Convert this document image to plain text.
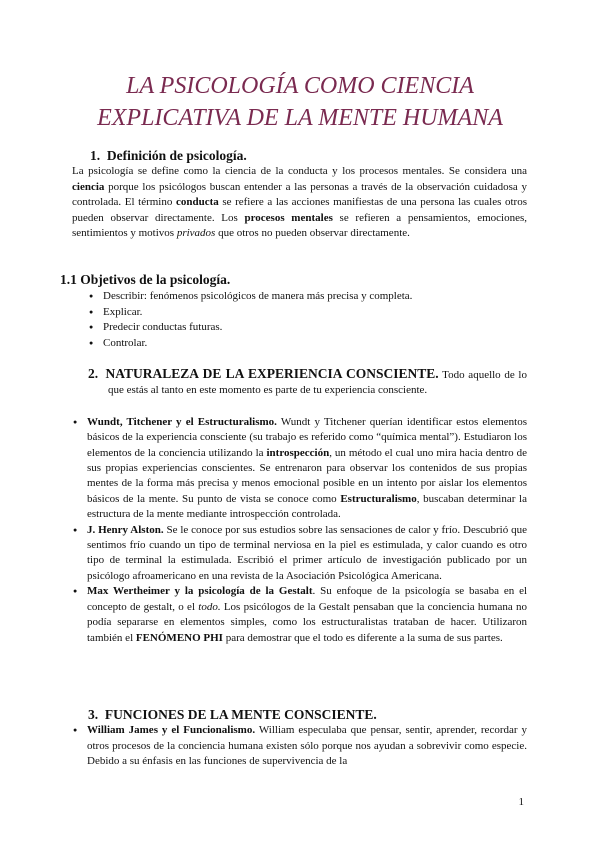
LA PSICOLOGÍA COMO CIENCIA
EXPLICATIVA DE LA MENTE HUMANA

1. Definición de psicología.

La psicología se define como la ciencia de la conducta y los procesos mentales. Se considera una ciencia porque los psicólogos buscan entender a las personas a través de la observación cuidadosa y controlada. El término conducta se refiere a las acciones manifiestas de una persona las cuales otros pueden observar directamente. Los procesos mentales se refieren a pensamientos, emociones, sentimientos y motivos privados que otros no pueden observar directamente.

1.1 Objetivos de la psicología.

● Describir: fenómenos psicológicos de manera más precisa y completa.
● Explicar.
● Predecir conductas futuras.
● Controlar.

2. NATURALEZA DE LA EXPERIENCIA CONSCIENTE. Todo aquello de lo que estás al tanto en este momento es parte de tu experiencia consciente.

● Wundt, Titchener y el Estructuralismo. Wundt y Titchener querían identificar estos elementos básicos de la experiencia consciente (su trabajo es referido como “química mental”). Estudiaron los elementos de la conciencia utilizando la introspección, un método el cual uno mira hacia dentro de sus propias experiencias conscientes. Se entrenaron para observar los contenidos de sus propias mentes de la forma más precisa y menos emocional posible en un intento por aislar los elementos básicos de la mente. Su punto de vista se conoce como Estructuralismo, buscaban determinar la estructura de la mente mediante introspección controlada.
● J. Henry Alston. Se le conoce por sus estudios sobre las sensaciones de calor y frío. Descubrió que sentimos frío cuando un tipo de terminal nerviosa en la piel es estimulada, y calor cuando es otro tipo de terminal la estimulada. Escribió el primer artículo de investigación publicado por un psicólogo afroamericano en una revista de la Asociación Psicológica Americana.
● Max Wertheimer y la psicología de la Gestalt. Su enfoque de la psicología se basaba en el concepto de gestalt, o el todo. Los psicólogos de la Gestalt pensaban que la conciencia humana no podía separarse en elementos simples, como los estructuralistas trataban de hacer. Utilizaron también el FENÓMENO PHI para demostrar que el todo es diferente a la suma de sus partes.

3. FUNCIONES DE LA MENTE CONSCIENTE.

● William James y el Funcionalismo. William especulaba que pensar, sentir, aprender, recordar y otros procesos de la conciencia humana existen sólo porque nos ayudan a sobrevivir como especie. Debido a su énfasis en las funciones de supervivencia de la
1
